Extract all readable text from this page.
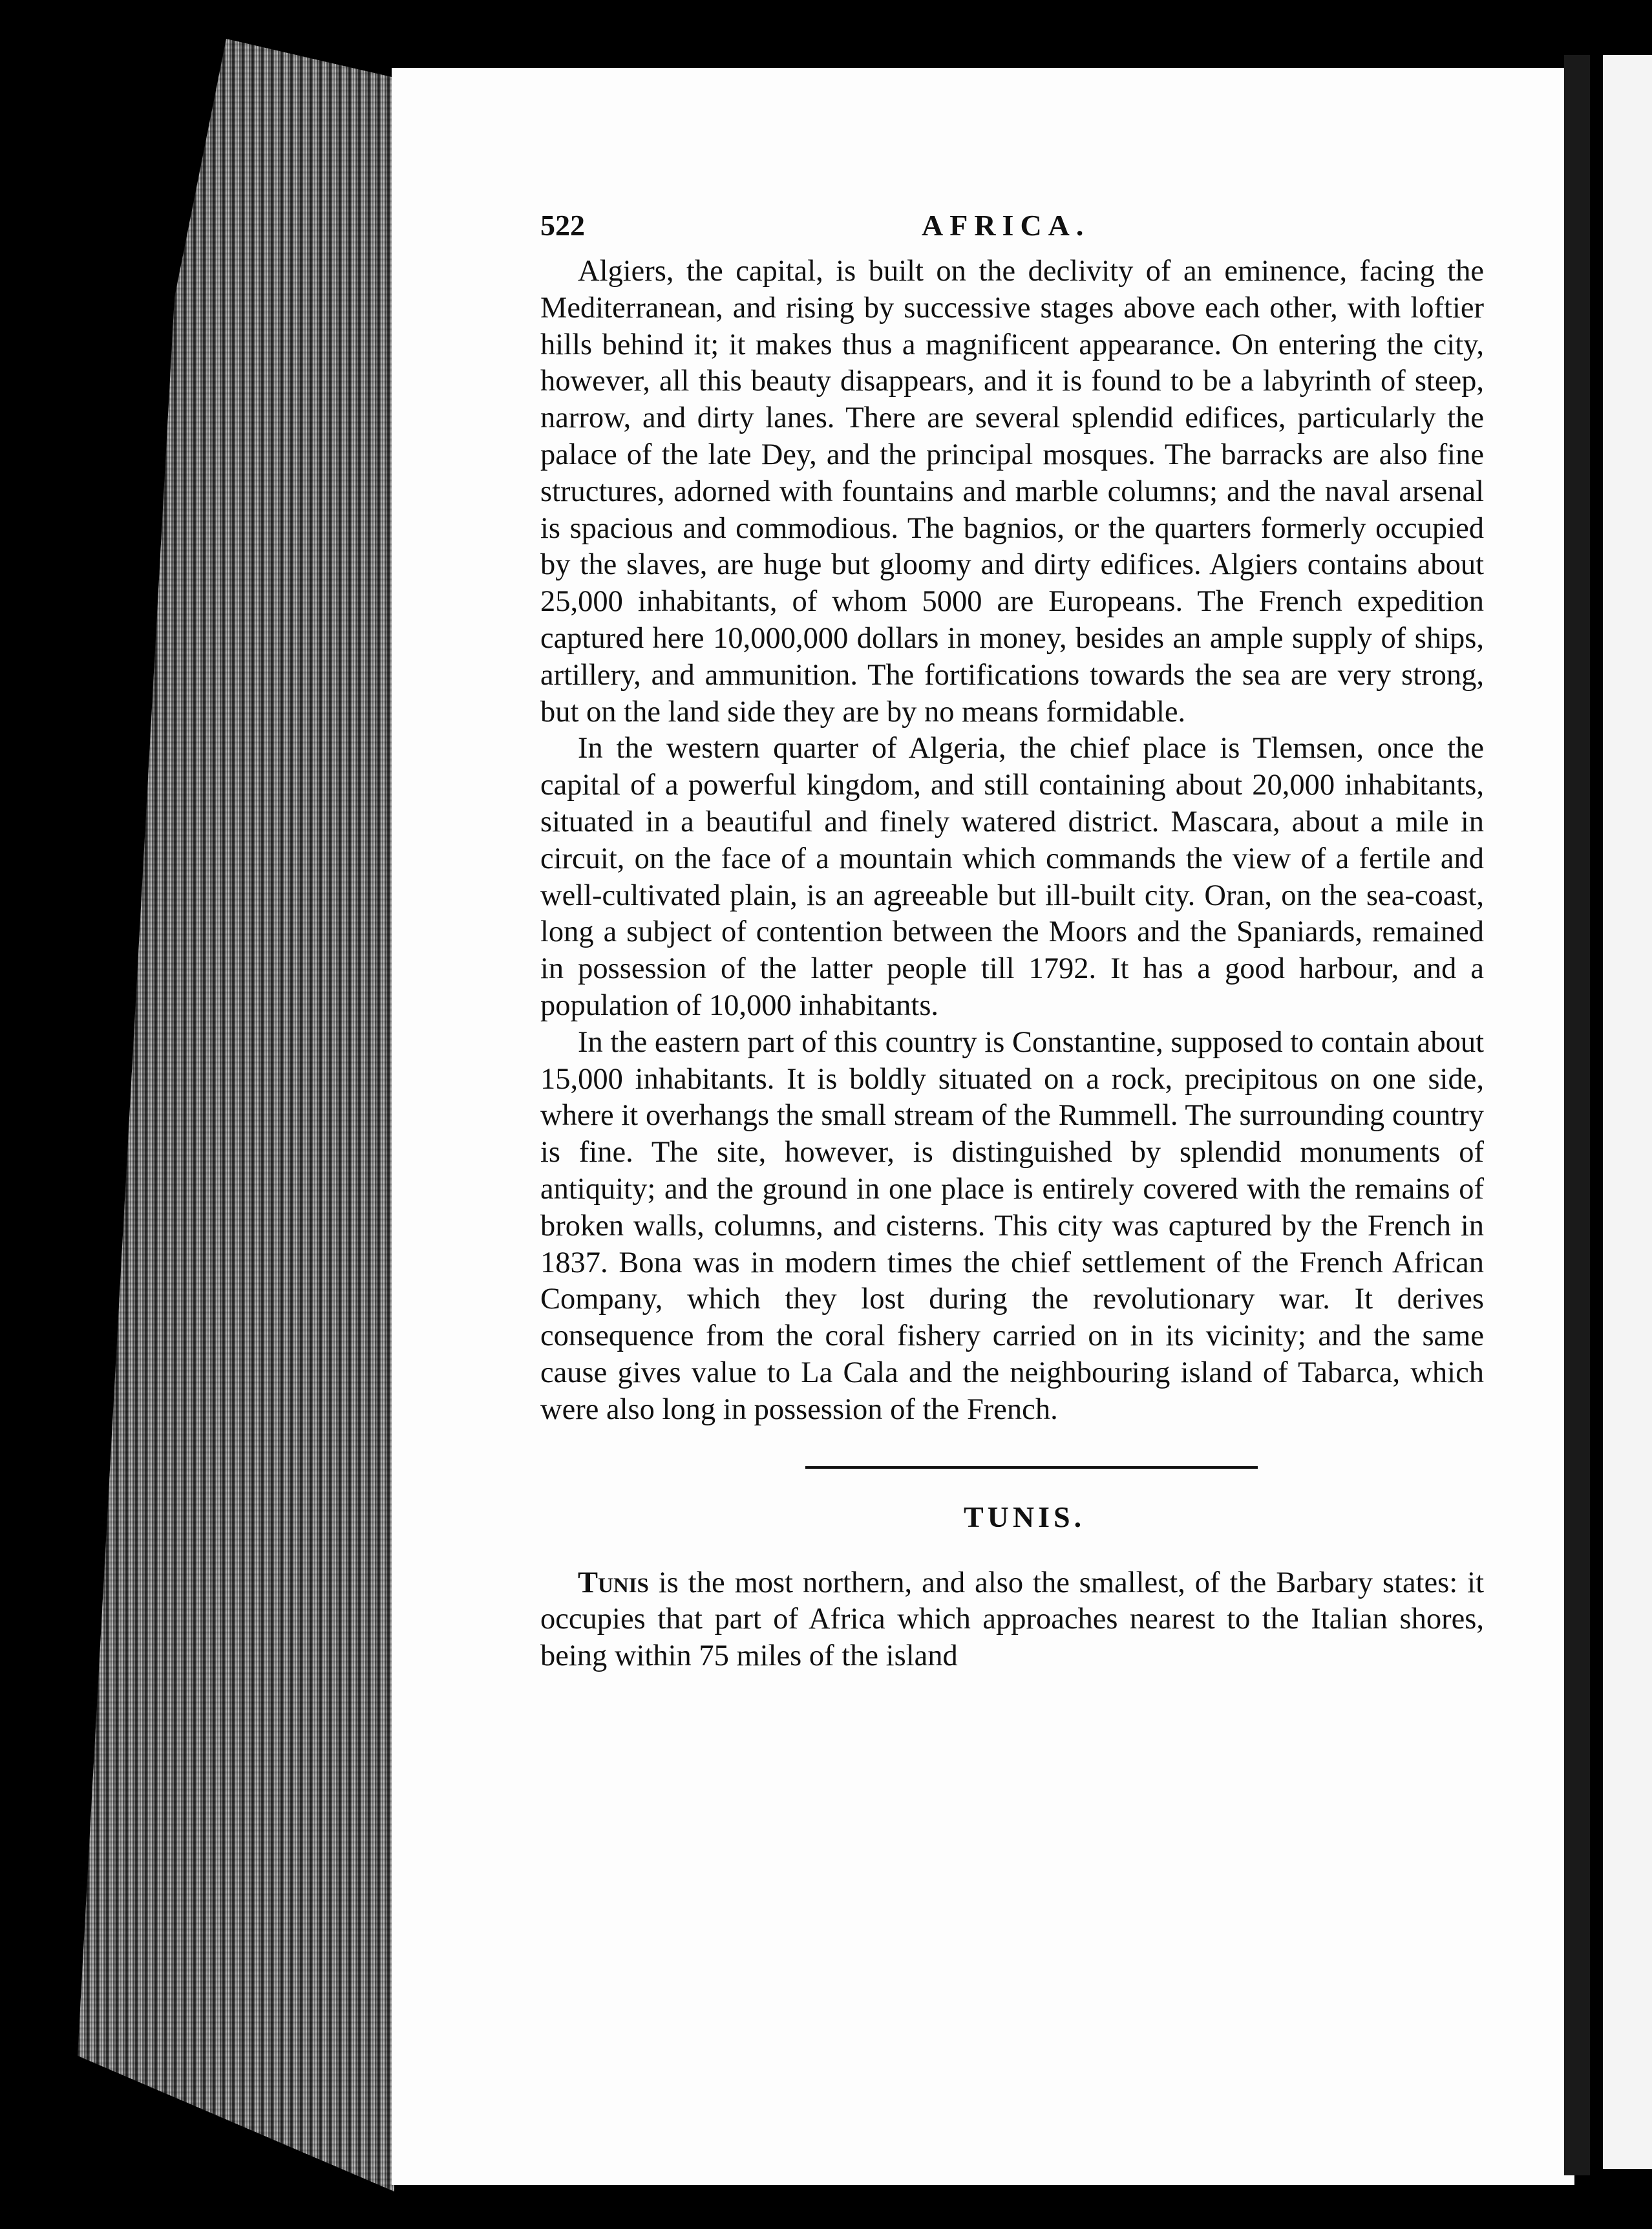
522	AFRICA.

Algiers, the capital, is built on the declivity of an eminence, facing the Mediterranean, and rising by successive stages above each other, with loftier hills behind it; it makes thus a magnificent appearance. On entering the city, however, all this beauty disappears, and it is found to be a labyrinth of steep, narrow, and dirty lanes. There are several splendid edifices, particularly the palace of the late Dey, and the principal mosques. The barracks are also fine structures, adorned with fountains and marble columns; and the naval arsenal is spacious and commodious. The bagnios, or the quarters formerly occupied by the slaves, are huge but gloomy and dirty edifices. Algiers contains about 25,000 inhabitants, of whom 5000 are Europeans. The French expedition captured here 10,000,000 dollars in money, besides an ample supply of ships, artillery, and ammunition. The fortifications towards the sea are very strong, but on the land side they are by no means formidable.

In the western quarter of Algeria, the chief place is Tlemsen, once the capital of a powerful kingdom, and still containing about 20,000 inhabitants, situated in a beautiful and finely watered district. Mascara, about a mile in circuit, on the face of a mountain which commands the view of a fertile and well-cultivated plain, is an agreeable but ill-built city. Oran, on the sea-coast, long a subject of contention between the Moors and the Spaniards, remained in possession of the latter people till 1792. It has a good harbour, and a population of 10,000 inhabitants.

In the eastern part of this country is Constantine, supposed to contain about 15,000 inhabitants. It is boldly situated on a rock, precipitous on one side, where it overhangs the small stream of the Rummell. The surrounding country is fine. The site, however, is distinguished by splendid monuments of antiquity; and the ground in one place is entirely covered with the remains of broken walls, columns, and cisterns. This city was captured by the French in 1837. Bona was in modern times the chief settlement of the French African Company, which they lost during the revolutionary war. It derives consequence from the coral fishery carried on in its vicinity; and the same cause gives value to La Cala and the neighbouring island of Tabarca, which were also long in possession of the French.

TUNIS.

Tunis is the most northern, and also the smallest, of the Barbary states: it occupies that part of Africa which approaches nearest to the Italian shores, being within 75 miles of the island
